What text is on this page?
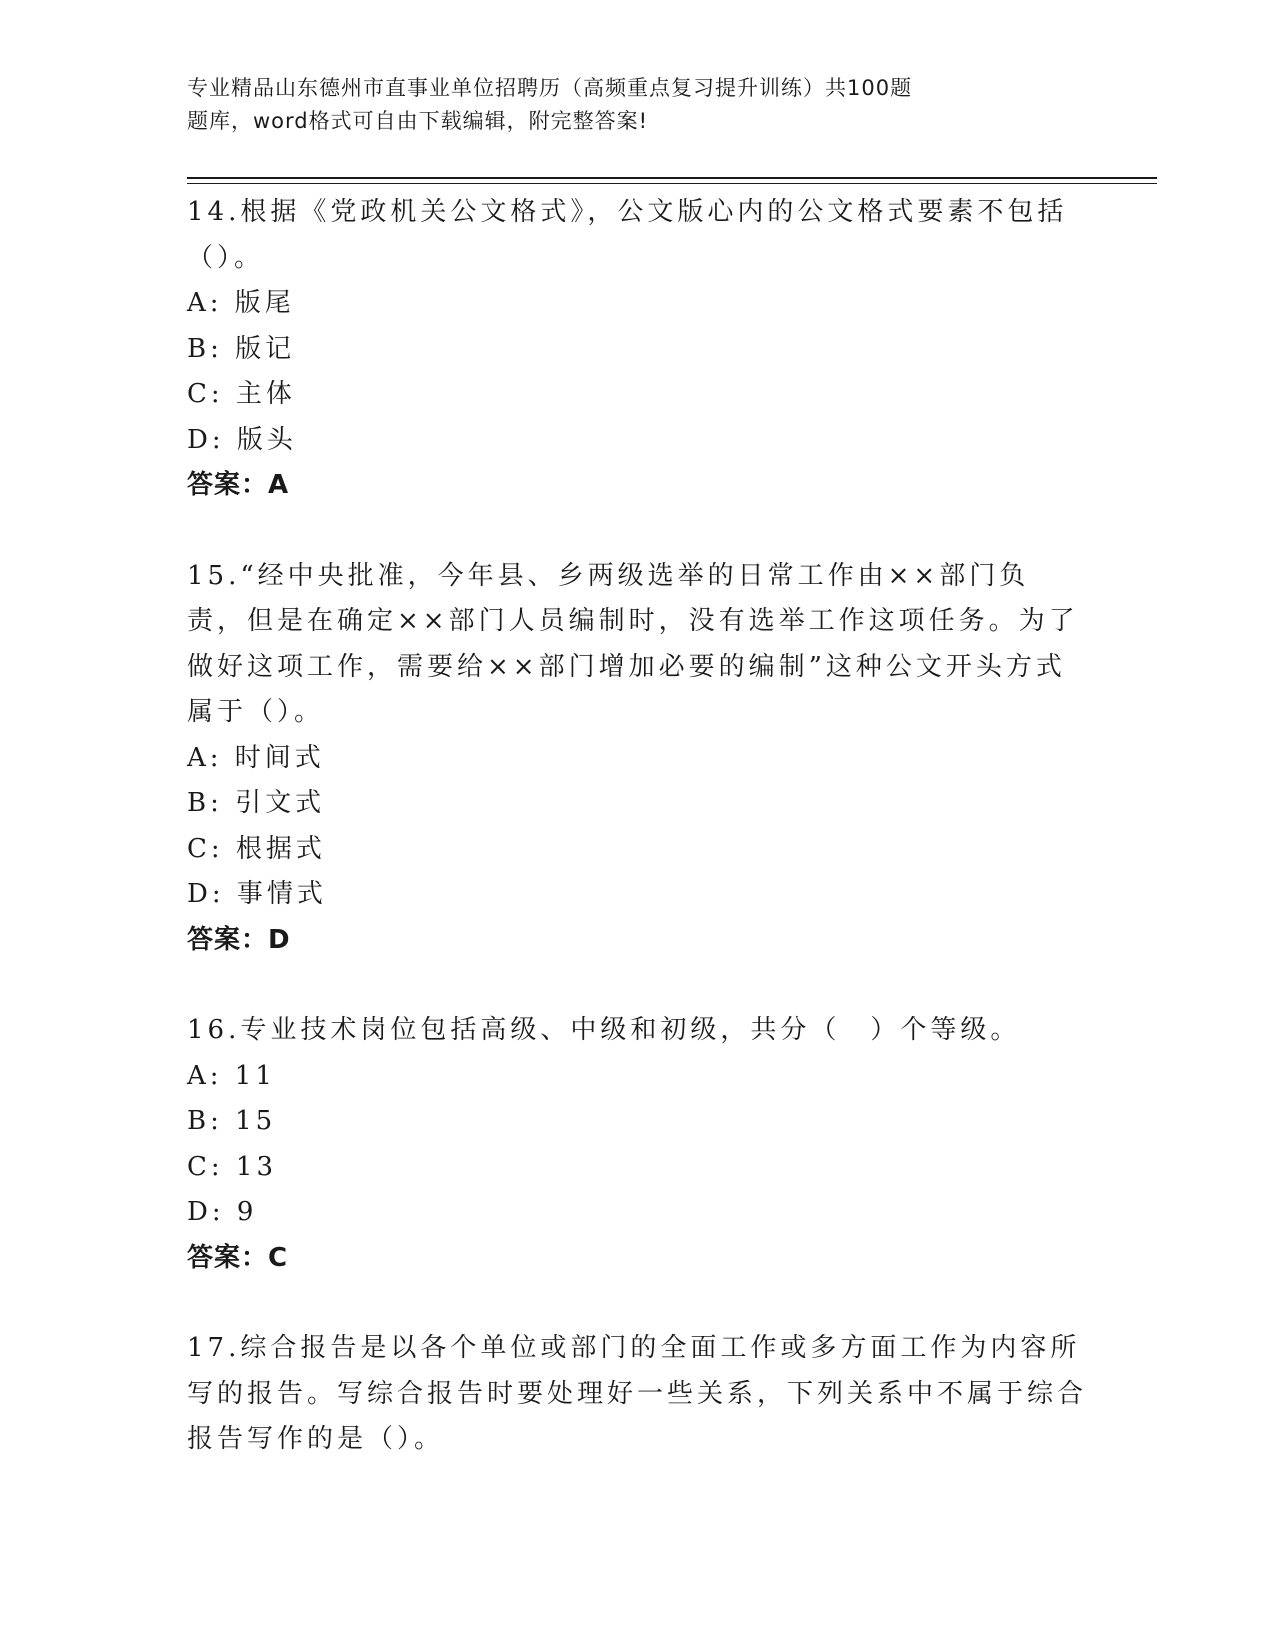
专业精品山东德州市直事业单位招聘历（高频重点复习提升训练）共100题
题库，word格式可自由下载编辑，附完整答案!

14.根据《党政机关公文格式》，公文版心内的公文格式要素不包括（）。

A: 版尾

B: 版记

C: 主体

D: 版头

答案：A

15.“经中央批准，今年县、乡两级选举的日常工作由××部门负责，但是在确定××部门人员编制时，没有选举工作这项任务。为了做好这项工作，需要给××部门增加必要的编制”这种公文开头方式属于（）。

A: 时间式

B: 引文式

C: 根据式

D: 事情式

答案：D

16.专业技术岗位包括高级、中级和初级，共分（　）个等级。

A: 11

B: 15

C: 13

D: 9

答案：C

17.综合报告是以各个单位或部门的全面工作或多方面工作为内容所写的报告。写综合报告时要处理好一些关系，下列关系中不属于综合报告写作的是（）。
